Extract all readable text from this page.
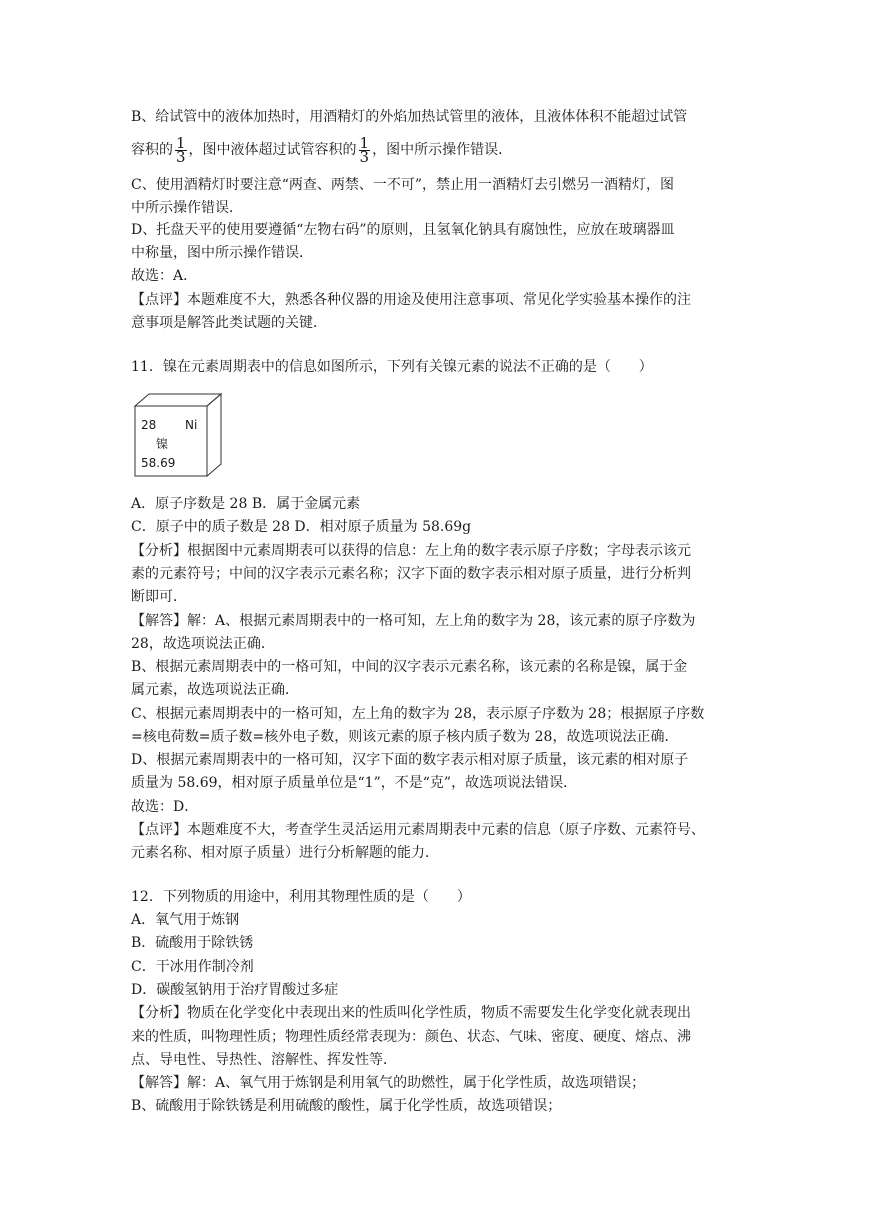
B、给试管中的液体加热时，用酒精灯的外焰加热试管里的液体，且液体体积不能超过试管
容积的 $\frac{1}{3}$ ，图中液体超过试管容积的 $\frac{1}{3}$ ，图中所示操作错误．
C、使用酒精灯时要注意“两查、两禁、一不可”，禁止用一酒精灯去引燃另一酒精灯，图
中所示操作错误．
D、托盘天平的使用要遵循“左物右码”的原则，且氢氧化钠具有腐蚀性，应放在玻璃器皿
中称量，图中所示操作错误．
故选：A．
【点评】本题难度不大，熟悉各种仪器的用途及使用注意事项、常见化学实验基本操作的注
意事项是解答此类试题的关键．
11．镍在元素周期表中的信息如图所示，下列有关镍元素的说法不正确的是（　　）
28 Ni
镍
58.69
A．原子序数是 28 B．属于金属元素
C．原子中的质子数是 28 D．相对原子质量为 58.69g
【分析】根据图中元素周期表可以获得的信息：左上角的数字表示原子序数；字母表示该元
素的元素符号；中间的汉字表示元素名称；汉字下面的数字表示相对原子质量，进行分析判
断即可．
【解答】解：A、根据元素周期表中的一格可知，左上角的数字为 28，该元素的原子序数为
28，故选项说法正确．
B、根据元素周期表中的一格可知，中间的汉字表示元素名称，该元素的名称是镍，属于金
属元素，故选项说法正确．
C、根据元素周期表中的一格可知，左上角的数字为 28，表示原子序数为 28；根据原子序数
=核电荷数=质子数=核外电子数，则该元素的原子核内质子数为 28，故选项说法正确．
D、根据元素周期表中的一格可知，汉字下面的数字表示相对原子质量，该元素的相对原子
质量为 58.69，相对原子质量单位是“1”，不是“克”，故选项说法错误．
故选：D．
【点评】本题难度不大，考查学生灵活运用元素周期表中元素的信息（原子序数、元素符号、
元素名称、相对原子质量）进行分析解题的能力．
12．下列物质的用途中，利用其物理性质的是（　　）
A．氧气用于炼钢
B．硫酸用于除铁锈
C．干冰用作制冷剂
D．碳酸氢钠用于治疗胃酸过多症
【分析】物质在化学变化中表现出来的性质叫化学性质，物质不需要发生化学变化就表现出
来的性质，叫物理性质；物理性质经常表现为：颜色、状态、气味、密度、硬度、熔点、沸
点、导电性、导热性、溶解性、挥发性等．
【解答】解：A、氧气用于炼钢是利用氧气的助燃性，属于化学性质，故选项错误；
B、硫酸用于除铁锈是利用硫酸的酸性，属于化学性质，故选项错误；
